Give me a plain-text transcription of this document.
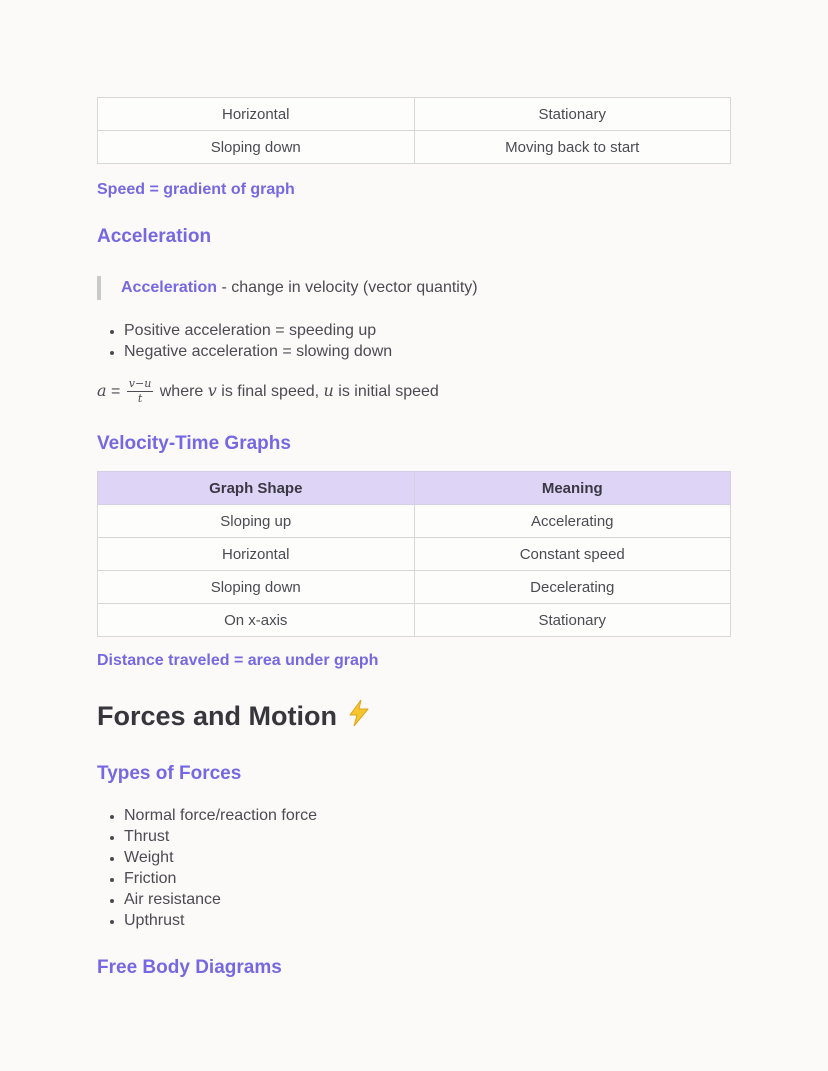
Horizontal	Stationary
Sloping down	Moving back to start
Speed = gradient of graph
Acceleration
Acceleration - change in velocity (vector quantity)
• Positive acceleration = speeding up
• Negative acceleration = slowing down
$a = \frac{v-u}{t}$ where v is final speed, u is initial speed
Velocity-Time Graphs
Graph Shape	Meaning
Sloping up	Accelerating
Horizontal	Constant speed
Sloping down	Decelerating
On x-axis	Stationary
Distance traveled = area under graph
Forces and Motion
Types of Forces
• Normal force/reaction force
• Thrust
• Weight
• Friction
• Air resistance
• Upthrust
Free Body Diagrams
